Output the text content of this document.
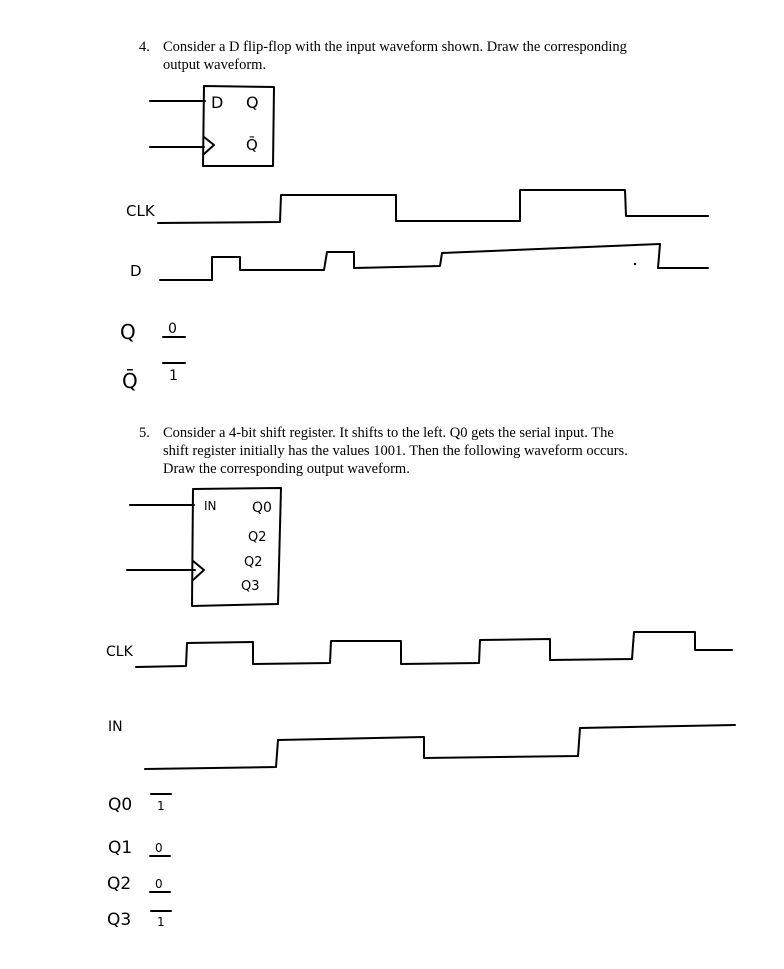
4. Consider a D flip-flop with the input waveform shown. Draw the corresponding
output waveform.
5. Consider a 4-bit shift register. It shifts to the left. Q0 gets the serial input. The
shift register initially has the values 1001. Then the following waveform occurs.
Draw the corresponding output waveform.
D Q
Q̄
CLK
D
Q 0
Q̄ 1
IN	Q0
Q2
Q2
Q3
CLK
IN
Q0 1
Q1 0
Q2 0
Q3 1
